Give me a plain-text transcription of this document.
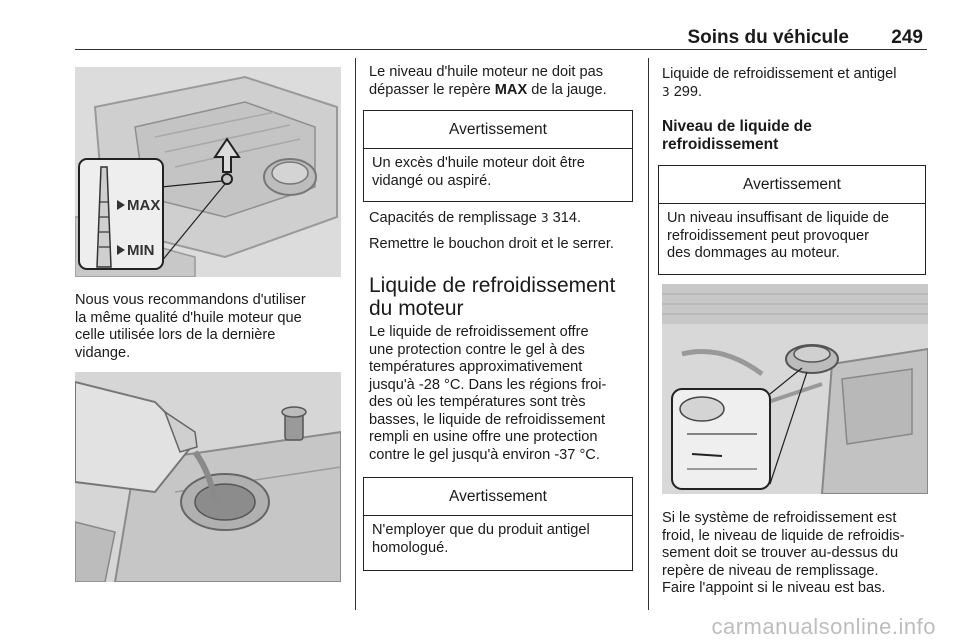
Soins du véhicule 249
MAX
MIN
Nous vous recommandons d'utiliser
la même qualité d'huile moteur que
celle utilisée lors de la dernière
vidange.
Le niveau d'huile moteur ne doit pas
dépasser le repère MAX de la jauge.
Avertissement
Un excès d'huile moteur doit être
vidangé ou aspiré.
Capacités de remplissage 3 314.
Remettre le bouchon droit et le serrer.
Liquide de refroidissement
du moteur
Le liquide de refroidissement offre
une protection contre le gel à des
températures approximativement
jusqu'à -28 °C. Dans les régions froi-
des où les températures sont très
basses, le liquide de refroidissement
rempli en usine offre une protection
contre le gel jusqu'à environ -37 °C.
Avertissement
N'employer que du produit antigel
homologué.
Liquide de refroidissement et antigel
3 299.
Niveau de liquide de
refroidissement
Avertissement
Un niveau insuffisant de liquide de
refroidissement peut provoquer
des dommages au moteur.
Si le système de refroidissement est
froid, le niveau de liquide de refroidis-
sement doit se trouver au-dessus du
repère de niveau de remplissage.
Faire l'appoint si le niveau est bas.
carmanualsonline.info
